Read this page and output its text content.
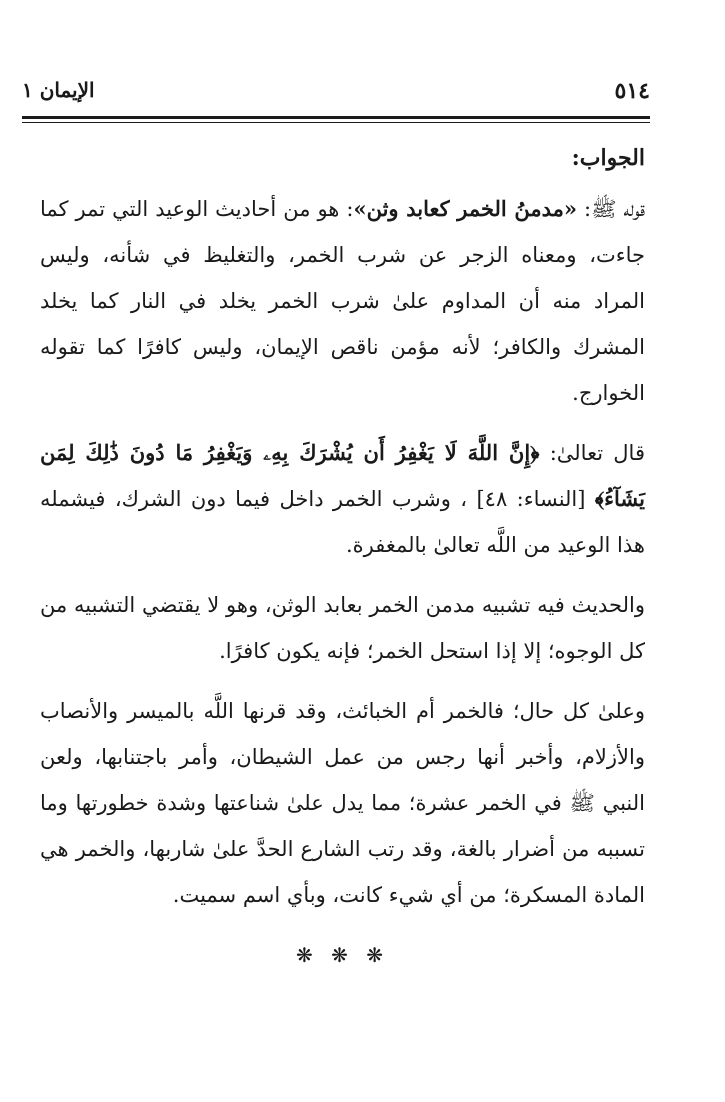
٥١٤
الإيمان ١
الجواب:

قوله ﷺ: «مدمنُ الخمر كعابد وثن»: هو من أحاديث الوعيد التي تمر كما جاءت، ومعناه الزجر عن شرب الخمر، والتغليظ في شأنه، وليس المراد منه أن المداوم علىٰ شرب الخمر يخلد في النار كما يخلد المشرك والكافر؛ لأنه مؤمن ناقص الإيمان، وليس كافرًا كما تقوله الخوارج.

قال تعالىٰ: ﴿إِنَّ اللَّهَ لَا يَغْفِرُ أَن يُشْرَكَ بِهِۦ وَيَغْفِرُ مَا دُونَ ذَٰلِكَ لِمَن يَشَآءُ﴾ [النساء: ٤٨] ، وشرب الخمر داخل فيما دون الشرك، فيشمله هذا الوعيد من اللَّه تعالىٰ بالمغفرة.

والحديث فيه تشبيه مدمن الخمر بعابد الوثن، وهو لا يقتضي التشبيه من كل الوجوه؛ إلا إذا استحل الخمر؛ فإنه يكون كافرًا.

وعلىٰ كل حال؛ فالخمر أم الخبائث، وقد قرنها اللَّه بالميسر والأنصاب والأزلام، وأخبر أنها رجس من عمل الشيطان، وأمر باجتنابها، ولعن النبي ﷺ في الخمر عشرة؛ مما يدل علىٰ شناعتها وشدة خطورتها وما تسببه من أضرار بالغة، وقد رتب الشارع الحدَّ علىٰ شاربها، والخمر هي المادة المسكرة؛ من أي شيء كانت، وبأي اسم سميت.

❋ ❋ ❋
